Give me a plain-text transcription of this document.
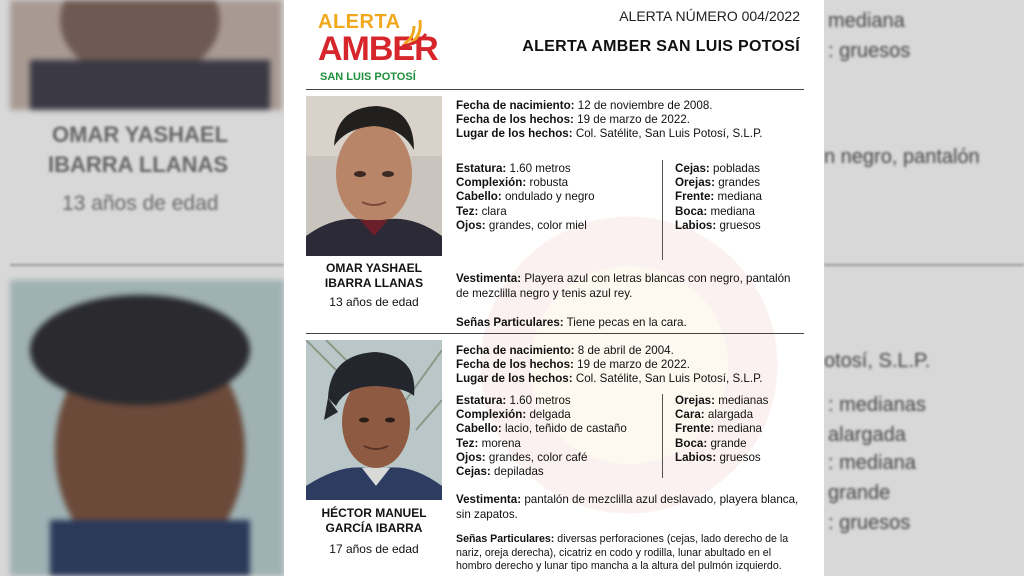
OMAR YASHAEL
IBARRA LLANAS
13 años de edad
mediana
: gruesos
n negro, pantalón
otosí, S.L.P.
: medianas
alargada
: mediana
grande
: gruesos
ALERTA
AMBER
SAN LUIS POTOSÍ
ALERTA NÚMERO 004/2022
ALERTA AMBER SAN LUIS POTOSÍ
OMAR YASHAEL
IBARRA LLANAS
13 años de edad
Fecha de nacimiento: 12 de noviembre de 2008.
Fecha de los hechos: 19 de marzo de 2022.
Lugar de los hechos: Col. Satélite, San Luis Potosí, S.L.P.
Estatura: 1.60 metros
Complexión: robusta
Cabello: ondulado y negro
Tez: clara
Ojos: grandes, color miel
Cejas: pobladas
Orejas: grandes
Frente: mediana
Boca: mediana
Labios: gruesos
Vestimenta: Playera azul con letras blancas con negro, pantalón de mezclilla negro y tenis azul rey.
Señas Particulares: Tiene pecas en la cara.
HÉCTOR MANUEL
GARCÍA IBARRA
17 años de edad
Fecha de nacimiento: 8 de abril de 2004.
Fecha de los hechos: 19 de marzo de 2022.
Lugar de los hechos: Col. Satélite, San Luis Potosí, S.L.P.
Estatura: 1.60 metros
Complexión: delgada
Cabello: lacio, teñido de castaño
Tez: morena
Ojos: grandes, color café
Cejas: depiladas
Orejas: medianas
Cara: alargada
Frente: mediana
Boca: grande
Labios: gruesos
Vestimenta: pantalón de mezclilla azul deslavado, playera blanca, sin zapatos.
Señas Particulares: diversas perforaciones (cejas, lado derecho de la nariz, oreja derecha), cicatriz en codo y rodilla, lunar abultado en el hombro derecho y lunar tipo mancha a la altura del pulmón izquierdo.
